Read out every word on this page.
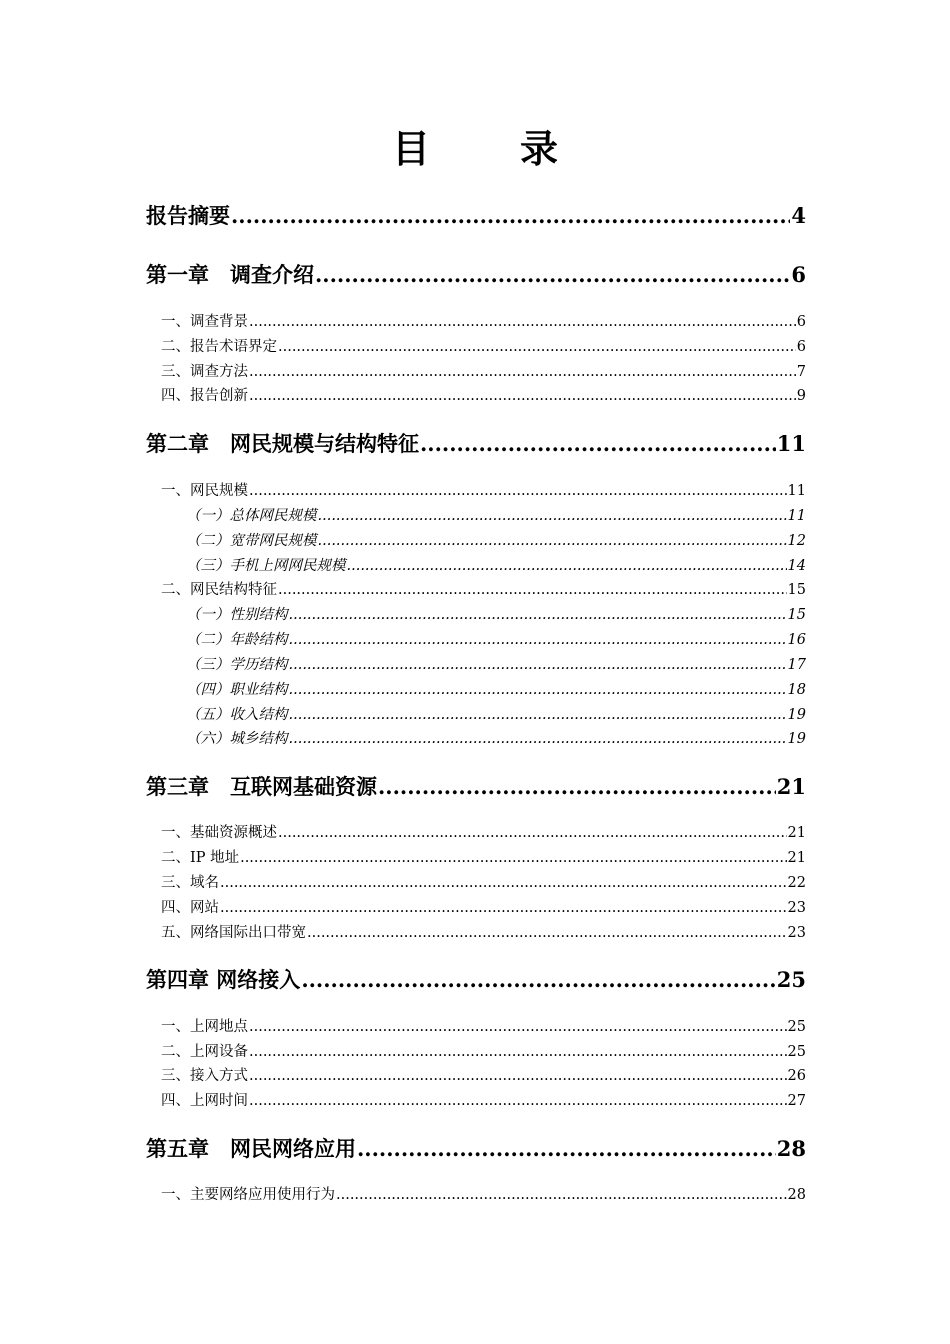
目　录
报告摘要 .....	4
第一章　调查介绍 .....	6
一、调查背景 .....	6
二、报告术语界定 .....	6
三、调查方法 .....	7
四、报告创新 .....	9
第二章　网民规模与结构特征 .....	11
一、网民规模 .....	11
（一）总体网民规模 .....	11
（二）宽带网民规模 .....	12
（三）手机上网网民规模 .....	14
二、网民结构特征 .....	15
（一）性别结构 .....	15
（二）年龄结构 .....	16
（三）学历结构 .....	17
（四）职业结构 .....	18
（五）收入结构 .....	19
（六）城乡结构 .....	19
第三章　互联网基础资源 .....	21
一、基础资源概述 .....	21
二、IP 地址 .....	21
三、域名 .....	22
四、网站 .....	23
五、网络国际出口带宽 .....	23
第四章 网络接入 .....	25
一、上网地点 .....	25
二、上网设备 .....	25
三、接入方式 .....	26
四、上网时间 .....	27
第五章　网民网络应用 .....	28
一、主要网络应用使用行为 .....	28
